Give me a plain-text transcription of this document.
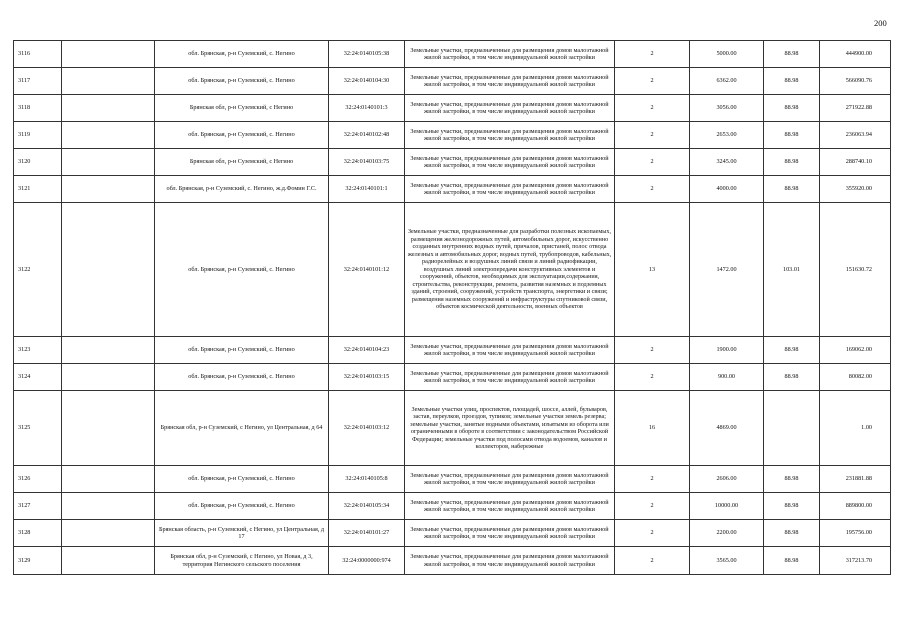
200
3116		обл. Брянская, р-н Суземский, с. Негино	32:24:0140105:38	Земельные участки, предназначенные для размещения домов малоэтажной жилой застройки, в том числе индивидуальной жилой застройки	2	5000.00	88.98	444900.00
3117		обл. Брянская, р-н Суземский, с. Негино	32:24:0140104:30	Земельные участки, предназначенные для размещения домов малоэтажной жилой застройки, в том числе индивидуальной жилой застройки	2	6362.00	88.98	566090.76
3118		Брянская обл, р-н Суземский, с Негино	32:24:0140101:3	Земельные участки, предназначенные для размещения домов малоэтажной жилой застройки, в том числе индивидуальной жилой застройки	2	3056.00	88.98	271922.88
3119		обл. Брянская, р-н Суземский, с. Негино	32:24:0140102:48	Земельные участки, предназначенные для размещения домов малоэтажной жилой застройки, в том числе индивидуальной жилой застройки	2	2653.00	88.98	236063.94
3120		Брянская обл, р-н Суземский, с Негино	32:24:0140103:75	Земельные участки, предназначенные для размещения домов малоэтажной жилой застройки, в том числе индивидуальной жилой застройки	2	3245.00	88.98	288740.10
3121		обл. Брянская, р-н Суземский, с. Негино, ж.д.Фомин Г.С.	32:24:0140101:1	Земельные участки, предназначенные для размещения домов малоэтажной жилой застройки, в том числе индивидуальной жилой застройки	2	4000.00	88.98	355920.00
3122		обл. Брянская, р-н Суземский, с. Негино	32:24:0140101:12	Земельные участки, предназначенные для разработки полезных ископаемых, размещения железнодорожных путей, автомобильных дорог, искусственно созданных внутренних водных путей, причалов, пристаней, полос отвода железных и автомобильных дорог, водных путей, трубопроводов, кабельных, радиорелейных и воздушных линий связи и линий радиофикации, воздушных линий электропередачи конструктивных элементов и сооружений, объектов, необходимых для эксплуатации,содержания, строительства, реконструкции, ремонта, развития наземных и подземных зданий, строений, сооружений, устройств транспорта, энергетики и связи; размещения наземных сооружений и инфраструктуры спутниковой связи, объектов космической деятельности, военных объектов	13	1472.00	103.01	151630.72
3123		обл. Брянская, р-н Суземский, с. Негино	32:24:0140104:23	Земельные участки, предназначенные для размещения домов малоэтажной жилой застройки, в том числе индивидуальной жилой застройки	2	1900.00	88.98	169062.00
3124		обл. Брянская, р-н Суземский, с. Негино	32:24:0140103:15	Земельные участки, предназначенные для размещения домов малоэтажной жилой застройки, в том числе индивидуальной жилой застройки	2	900.00	88.98	80082.00
3125		Брянская обл, р-н Суземский, с Негино, ул Центральная, д 64	32:24:0140103:12	Земельные участки улиц, проспектов, площадей, шоссе, аллей, бульваров, застав, переулков, проездов, тупиков; земельные участки земель резерва; земельные участки, занятые водными объектами, изъятыми из оборота или ограниченными в обороте в соответствии с законодательством Российской Федерации; земельные участки под полосами отвода водоемов, каналов и коллекторов, набережные	16	4869.00		1.00
3126		обл. Брянская, р-н Суземский, с. Негино	32:24:0140105:8	Земельные участки, предназначенные для размещения домов малоэтажной жилой застройки, в том числе индивидуальной жилой застройки	2	2606.00	88.98	231881.88
3127		обл. Брянская, р-н Суземский, с. Негино	32:24:0140105:34	Земельные участки, предназначенные для размещения домов малоэтажной жилой застройки, в том числе индивидуальной жилой застройки	2	10000.00	88.98	889800.00
3128		Брянская область, р-н Суземский, с Негино, ул Центральная, д 17	32:24:0140101:27	Земельные участки, предназначенные для размещения домов малоэтажной жилой застройки, в том числе индивидуальной жилой застройки	2	2200.00	88.98	195756.00
3129		Брянская обл, р-н Суземский, с Негино, ул Новая, д 3, территория Негинского сельского поселения	32:24:0000000:974	Земельные участки, предназначенные для размещения домов малоэтажной жилой застройки, в том числе индивидуальной жилой застройки	2	3565.00	88.98	317213.70
